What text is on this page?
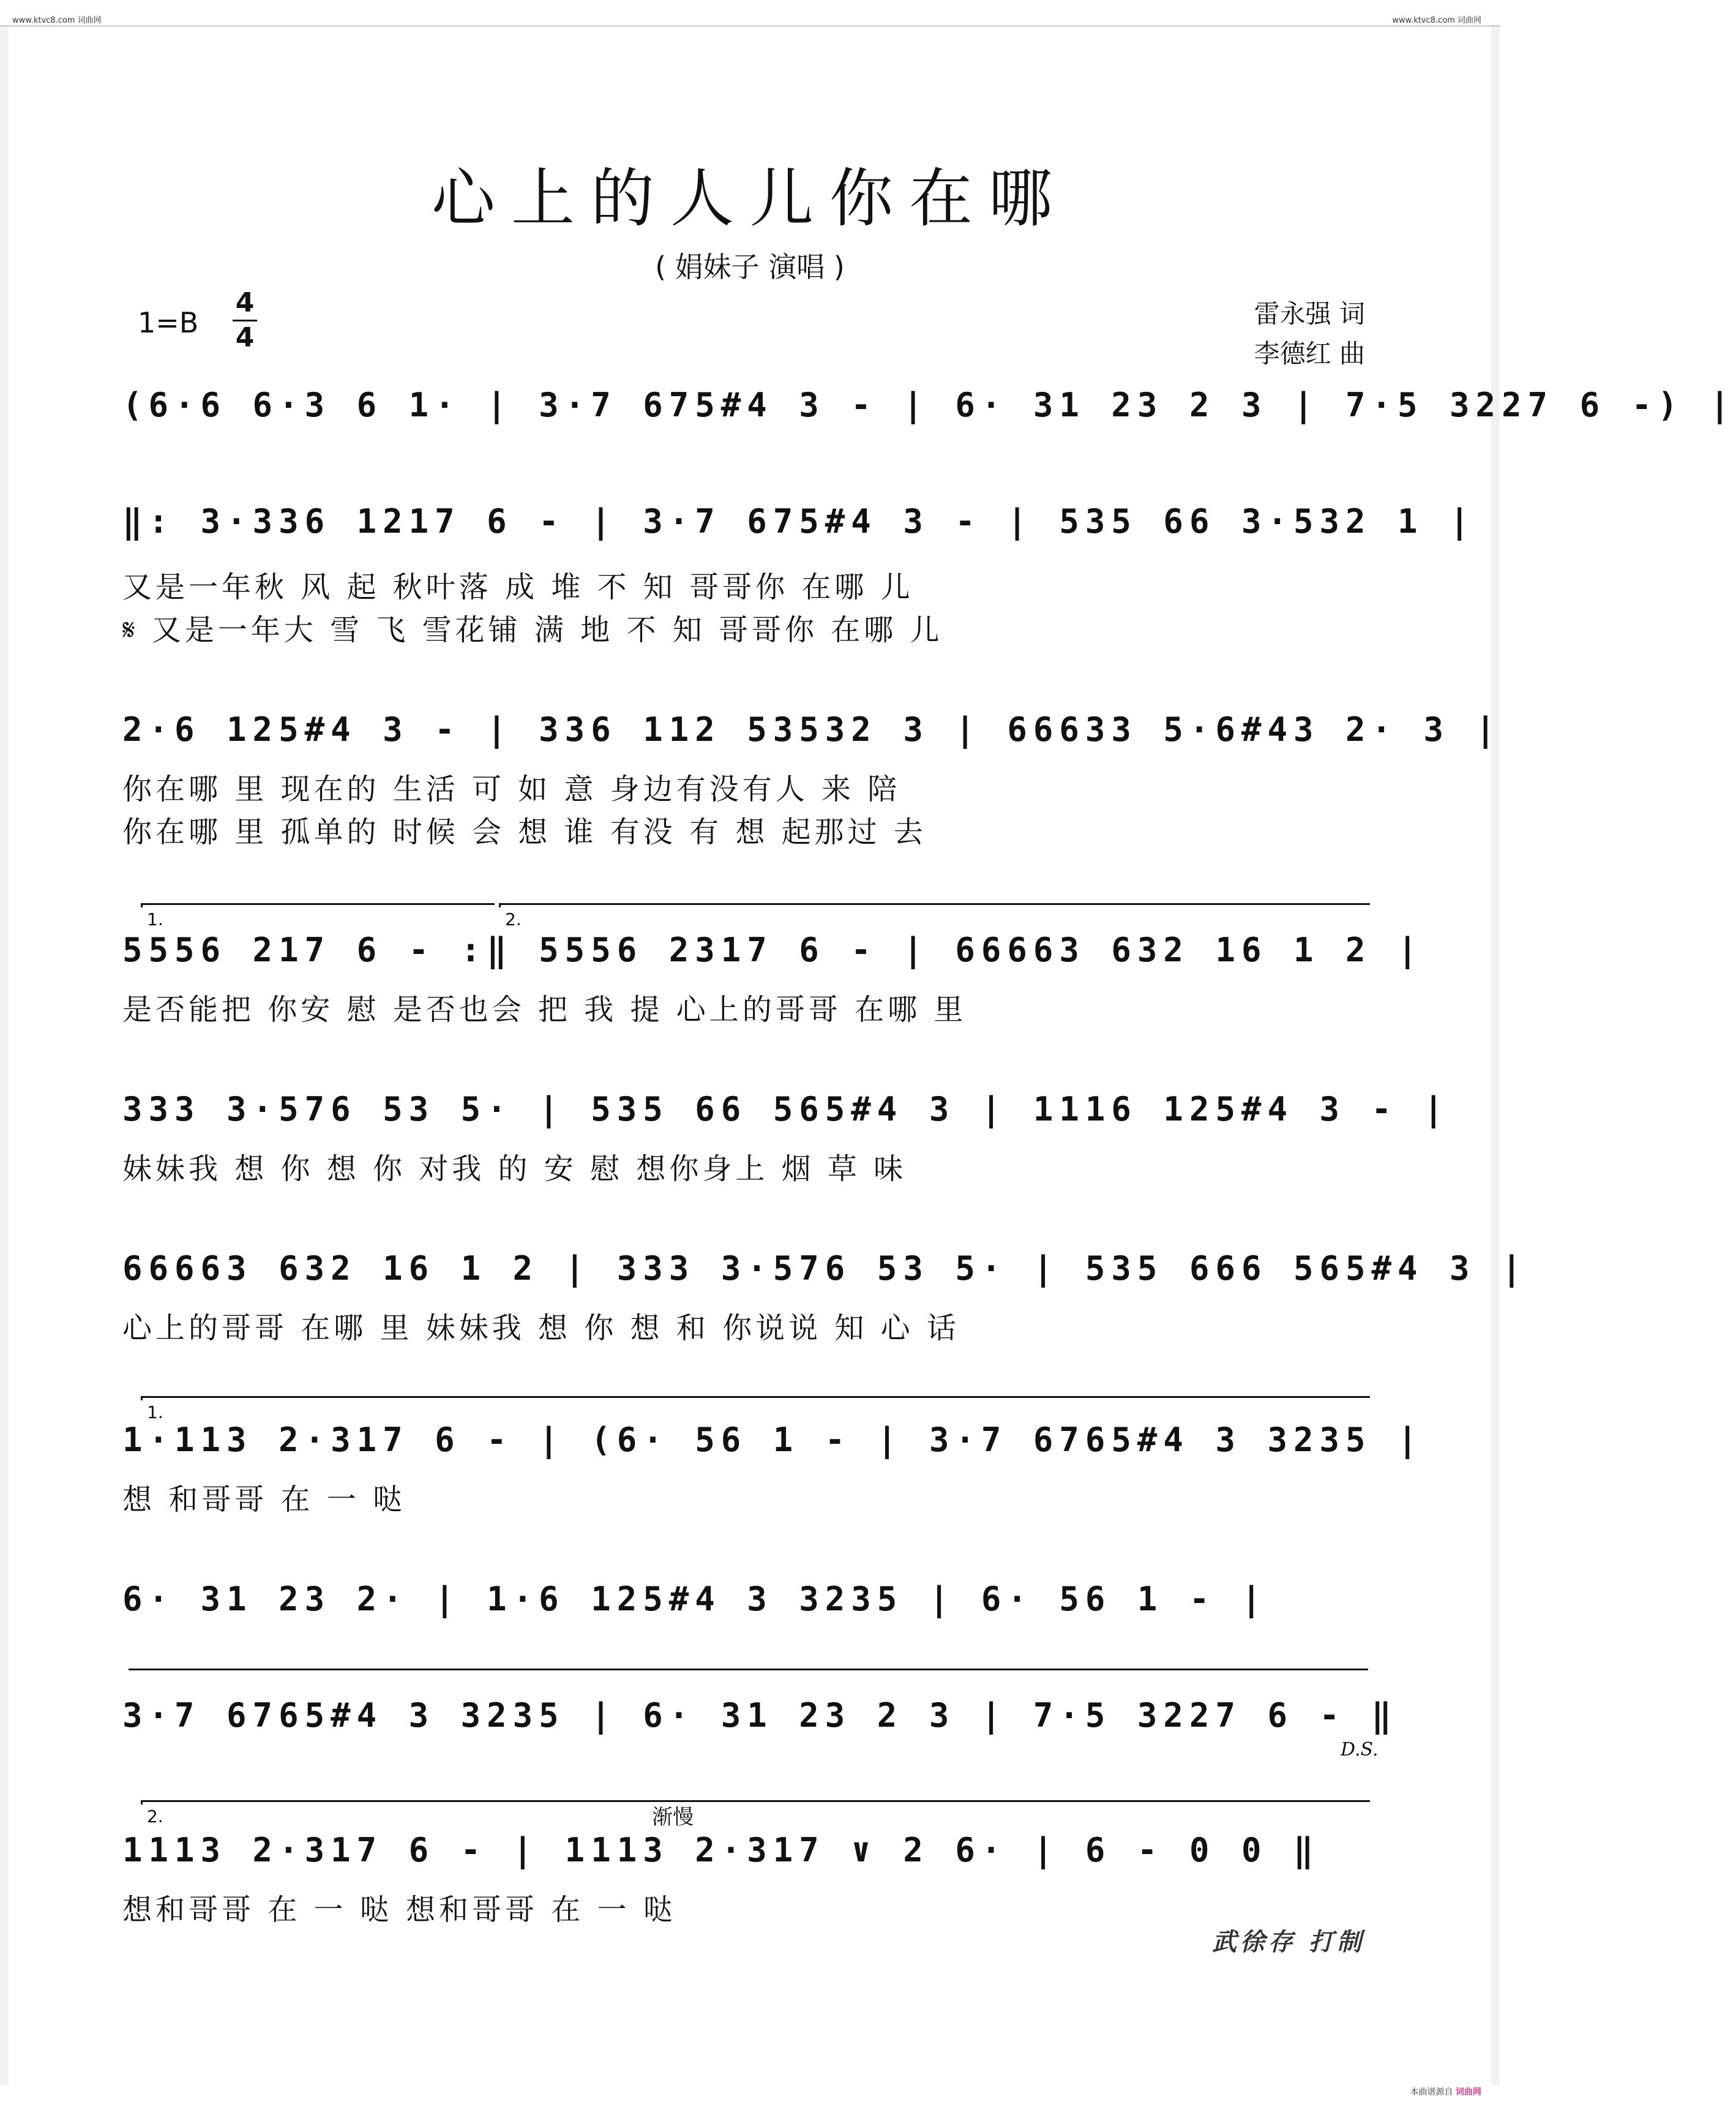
www.ktvc8.com 词曲网	www.ktvc8.com 词曲网
心上的人儿你在哪
( 娟妹子 演唱 )
1=B
4
4
雷永强 词
李德红 曲
(6·6 6·3 6 1· | 3·7 675#4 3 - | 6· 31 23 2 3 | 7·5 3227 6 -) |
‖: 3·336 1217 6 - | 3·7 675#4 3 - | 535 66 3·532 1 |
又是一年秋 风 起 秋叶落 成 堆 不 知 哥哥你 在哪 儿
𝄋 又是一年大 雪 飞 雪花铺 满 地 不 知 哥哥你 在哪 儿
2·6 125#4 3 - | 336 112 53532 3 | 66633 5·6#43 2· 3 |
你在哪 里 现在的 生活 可 如 意 身边有没有人 来 陪
你在哪 里 孤单的 时候 会 想 谁 有没 有 想 起那过 去
1.	2.
5556 217 6 - :‖ 5556 2317 6 - | 66663 632 16 1 2 |
是否能把 你安 慰 是否也会 把 我 提 心上的哥哥 在哪 里
333 3·576 53 5· | 535 66 565#4 3 | 1116 125#4 3 - |
妹妹我 想 你 想 你 对我 的 安 慰 想你身上 烟 草 味
66663 632 16 1 2 | 333 3·576 53 5· | 535 666 565#4 3 |
心上的哥哥 在哪 里 妹妹我 想 你 想 和 你说说 知 心 话
1.
1·113 2·317 6 - | (6· 56 1 - | 3·7 6765#4 3 3235 |
想 和哥哥 在 一 哒
6· 31 23 2· | 1·6 125#4 3 3235 | 6· 56 1 - |
3·7 6765#4 3 3235 | 6· 31 23 2 3 | 7·5 3227 6 - ‖
D.S.
2.	渐慢
1113 2·317 6 - | 1113 2·317 ∨ 2 6· | 6 - 0 0 ‖
想和哥哥 在 一 哒 想和哥哥 在 一 哒
武徐存 打制
本曲谱源自 词曲网
